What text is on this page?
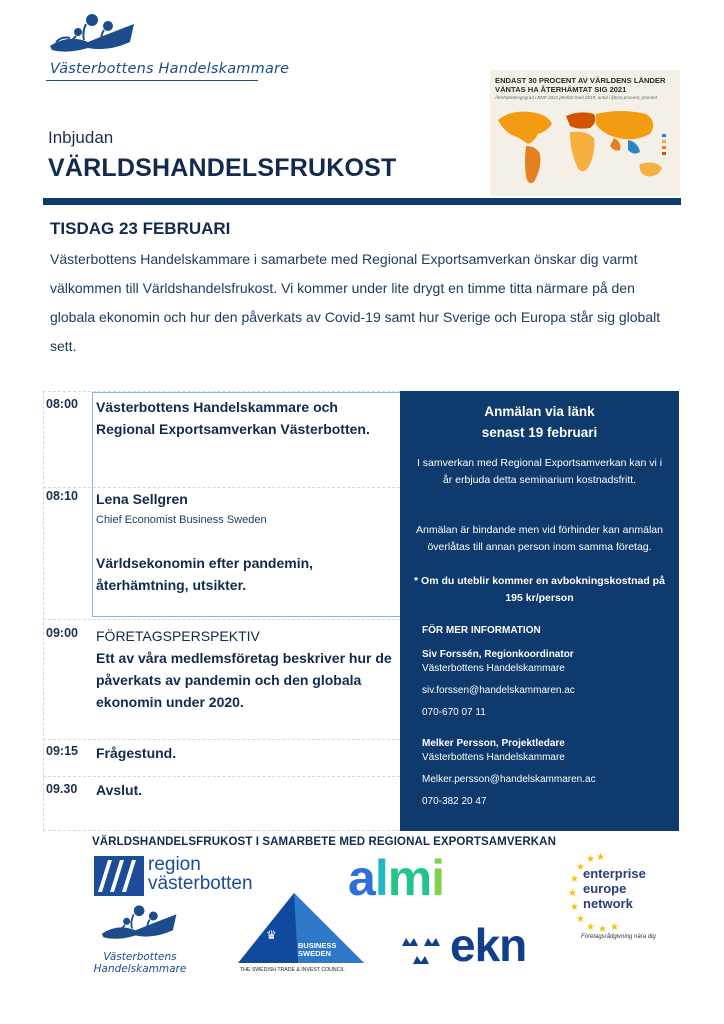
Västerbottens Handelskammare
ENDAST 30 PROCENT AV VÄRLDENS LÄNDER VÄNTAS HA ÅTERHÄMTAT SIG 2021
Återhämtningsgrad i BNP 2021 jämfört med 2019, antal i fjärsa procent, procent
Inbjudan
VÄRLDSHANDELSFRUKOST
TISDAG 23 FEBRUARI
Västerbottens Handelskammare i samarbete med Regional Exportsamverkan önskar dig varmt välkommen till Världshandelsfrukost. Vi kommer under lite drygt en timme titta närmare på den globala ekonomin och hur den påverkats av Covid-19 samt hur Sverige och Europa står sig globalt sett.
08:00 Västerbottens Handelskammare och Regional Exportsamverkan Västerbotten.
08:10 Lena Sellgren
Chief Economist Business Sweden
Världsekonomin efter pandemin, återhämtning, utsikter.
09:00 FÖRETAGSPERSPEKTIV
Ett av våra medlemsföretag beskriver hur de påverkats av pandemin och den globala ekonomin under 2020.
09:15 Frågestund.
09.30 Avslut.
Anmälan via länk
senast 19 februari
I samverkan med Regional Exportsamverkan kan vi i år erbjuda detta seminarium kostnadsfritt.
Anmälan är bindande men vid förhinder kan anmälan överlåtas till annan person inom samma företag.
* Om du uteblir kommer en avbokningskostnad på 195 kr/person
FÖR MER INFORMATION
Siv Forssén, Regionkoordinator
Västerbottens Handelskammare
siv.forssen@handelskammaren.ac
070-670 07 11
Melker Persson, Projektledare
Västerbottens Handelskammare
Melker.persson@handelskammaren.ac
070-382 20 47
VÄRLDSHANDELSFRUKOST I SAMARBETE MED REGIONAL EXPORTSAMVERKAN
region
västerbotten almi	★ ★
★
★
★
★
★
★ ★ ★
enterprise
europe
network
Företagsrådgivning nära dig
Västerbottens
Handelskammare
♛
BUSINESS
SWEDEN
THE SWEDISH TRADE & INVEST COUNCIL ekn
